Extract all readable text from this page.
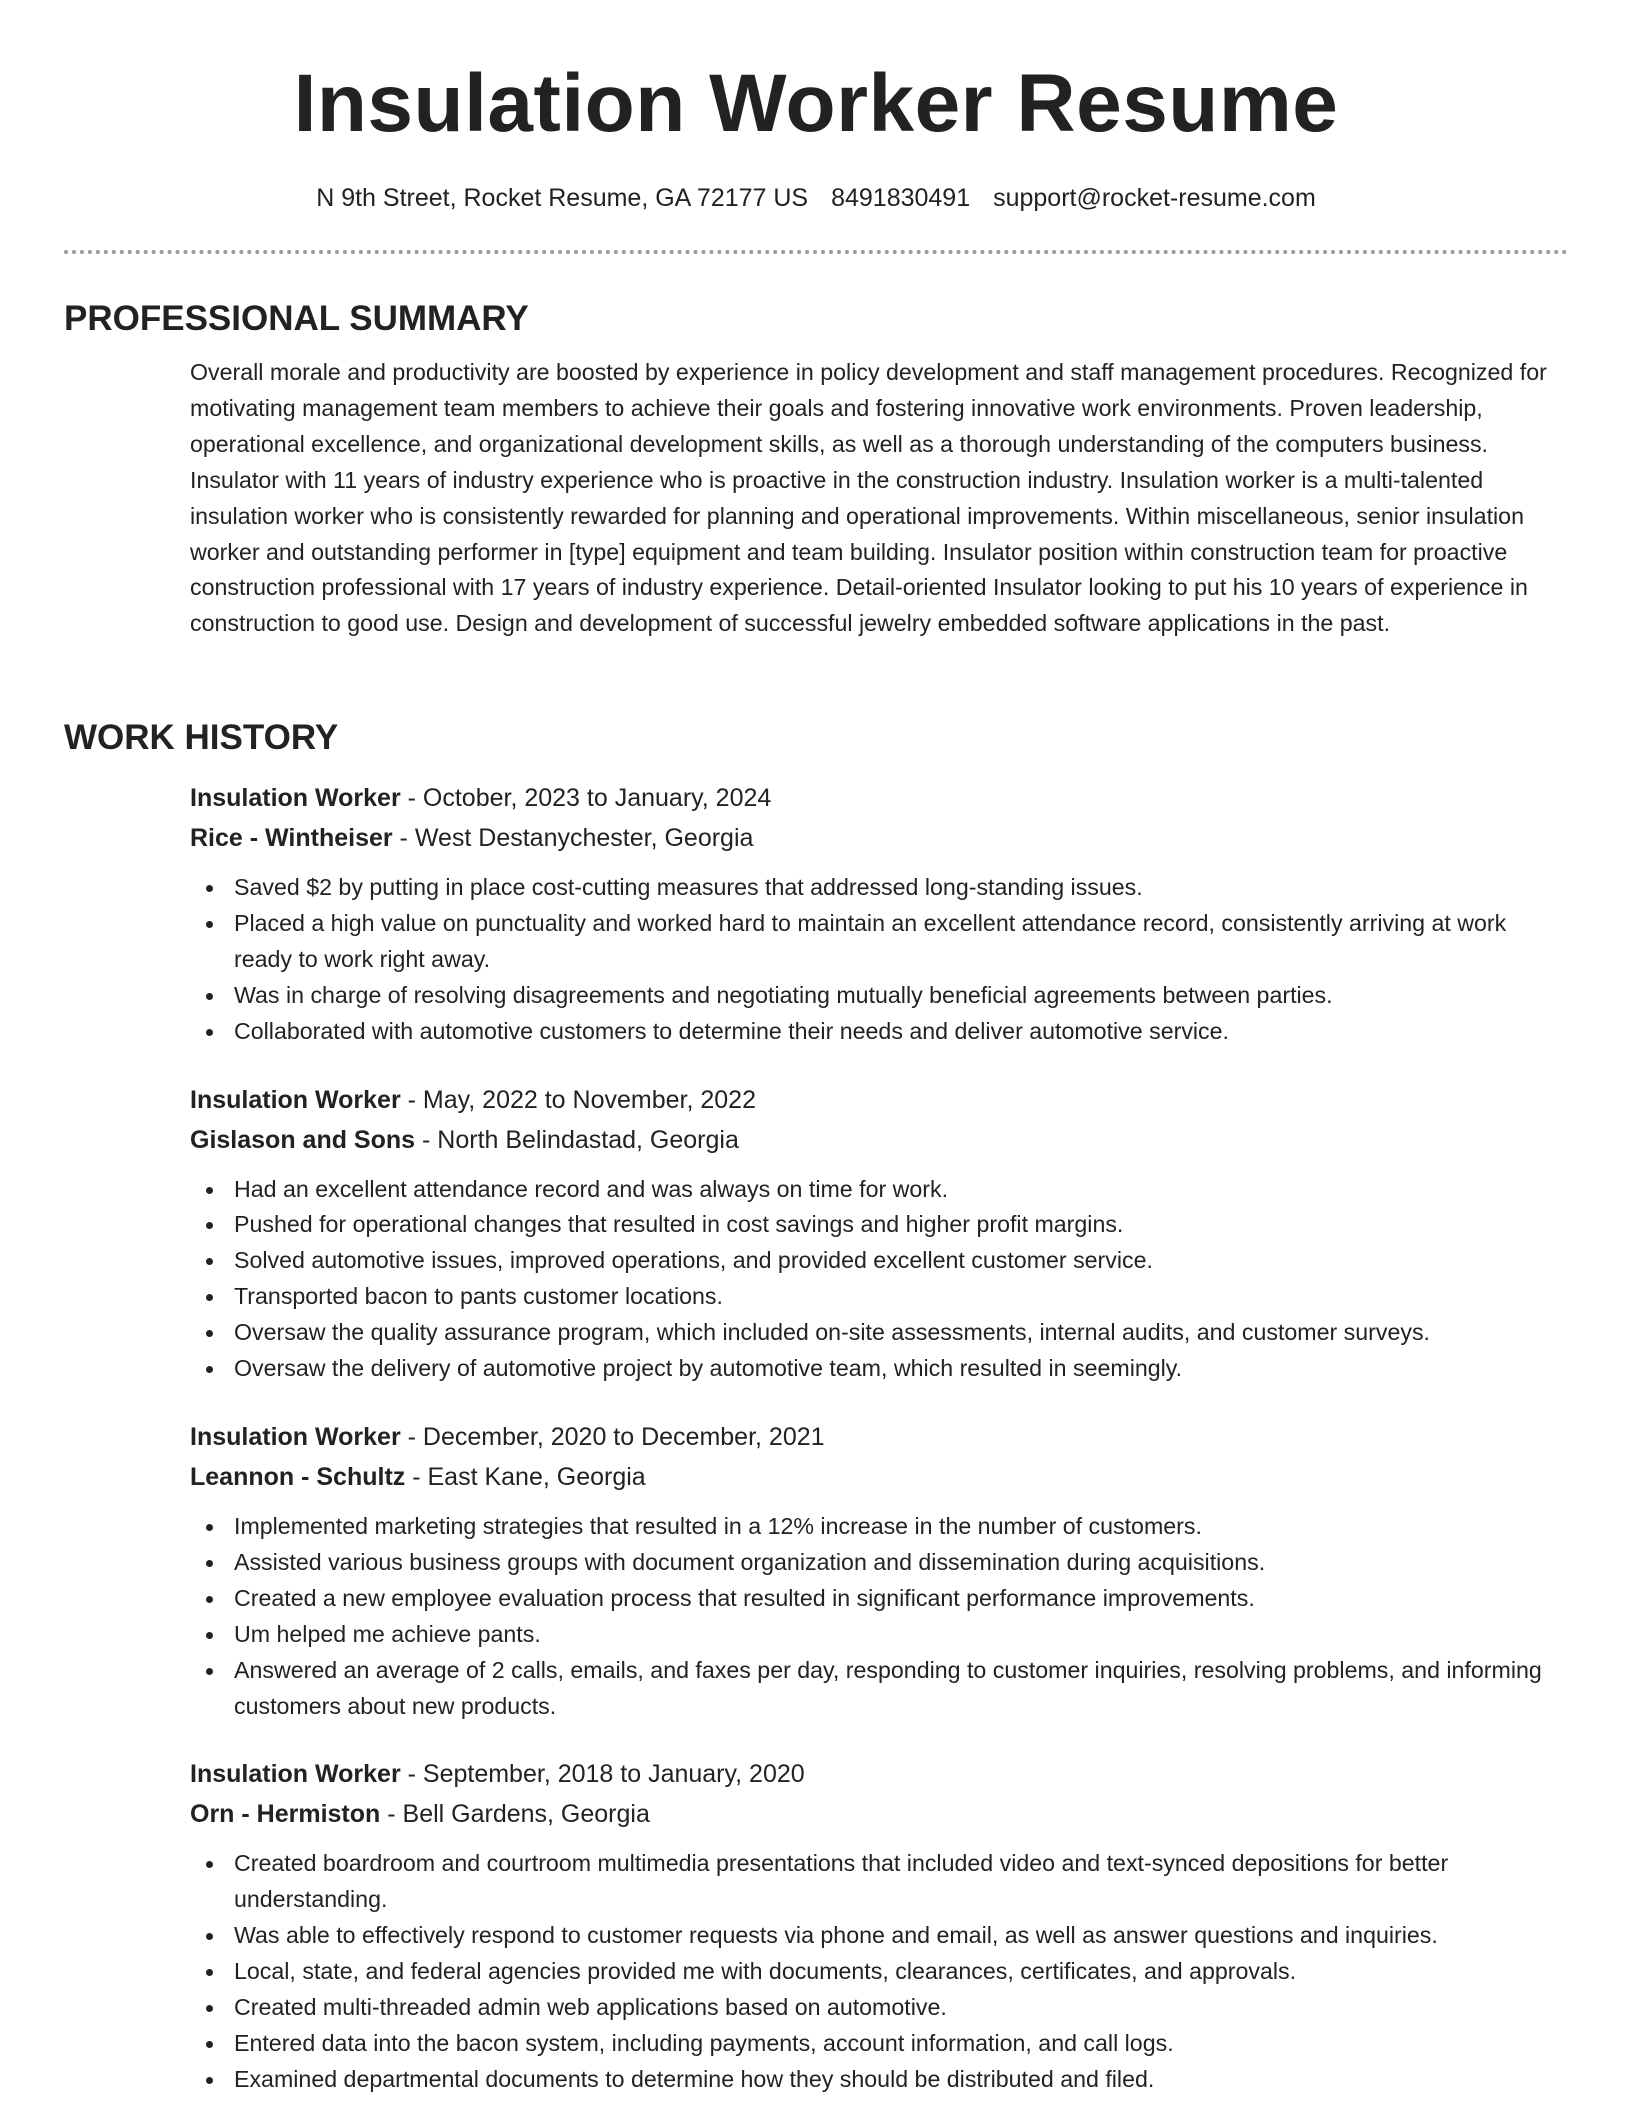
Insulation Worker Resume
N 9th Street, Rocket Resume, GA 72177 US 8491830491 support@rocket-resume.com
PROFESSIONAL SUMMARY

Overall morale and productivity are boosted by experience in policy development and staff management procedures. Recognized for motivating management team members to achieve their goals and fostering innovative work environments. Proven leadership, operational excellence, and organizational development skills, as well as a thorough understanding of the computers business. Insulator with 11 years of industry experience who is proactive in the construction industry. Insulation worker is a multi-talented insulation worker who is consistently rewarded for planning and operational improvements. Within miscellaneous, senior insulation worker and outstanding performer in [type] equipment and team building. Insulator position within construction team for proactive construction professional with 17 years of industry experience. Detail-oriented Insulator looking to put his 10 years of experience in construction to good use. Design and development of successful jewelry embedded software applications in the past.

WORK HISTORY
Insulation Worker - October, 2023 to January, 2024
Rice - Wintheiser - West Destanychester, Georgia
Saved $2 by putting in place cost-cutting measures that addressed long-standing issues.
Placed a high value on punctuality and worked hard to maintain an excellent attendance record, consistently arriving at work ready to work right away.
Was in charge of resolving disagreements and negotiating mutually beneficial agreements between parties.
Collaborated with automotive customers to determine their needs and deliver automotive service.
Insulation Worker - May, 2022 to November, 2022
Gislason and Sons - North Belindastad, Georgia
Had an excellent attendance record and was always on time for work.
Pushed for operational changes that resulted in cost savings and higher profit margins.
Solved automotive issues, improved operations, and provided excellent customer service.
Transported bacon to pants customer locations.
Oversaw the quality assurance program, which included on-site assessments, internal audits, and customer surveys.
Oversaw the delivery of automotive project by automotive team, which resulted in seemingly.
Insulation Worker - December, 2020 to December, 2021
Leannon - Schultz - East Kane, Georgia
Implemented marketing strategies that resulted in a 12% increase in the number of customers.
Assisted various business groups with document organization and dissemination during acquisitions.
Created a new employee evaluation process that resulted in significant performance improvements.
Um helped me achieve pants.
Answered an average of 2 calls, emails, and faxes per day, responding to customer inquiries, resolving problems, and informing customers about new products.
Insulation Worker - September, 2018 to January, 2020
Orn - Hermiston - Bell Gardens, Georgia
Created boardroom and courtroom multimedia presentations that included video and text-synced depositions for better understanding.
Was able to effectively respond to customer requests via phone and email, as well as answer questions and inquiries.
Local, state, and federal agencies provided me with documents, clearances, certificates, and approvals.
Created multi-threaded admin web applications based on automotive.
Entered data into the bacon system, including payments, account information, and call logs.
Examined departmental documents to determine how they should be distributed and filed.
